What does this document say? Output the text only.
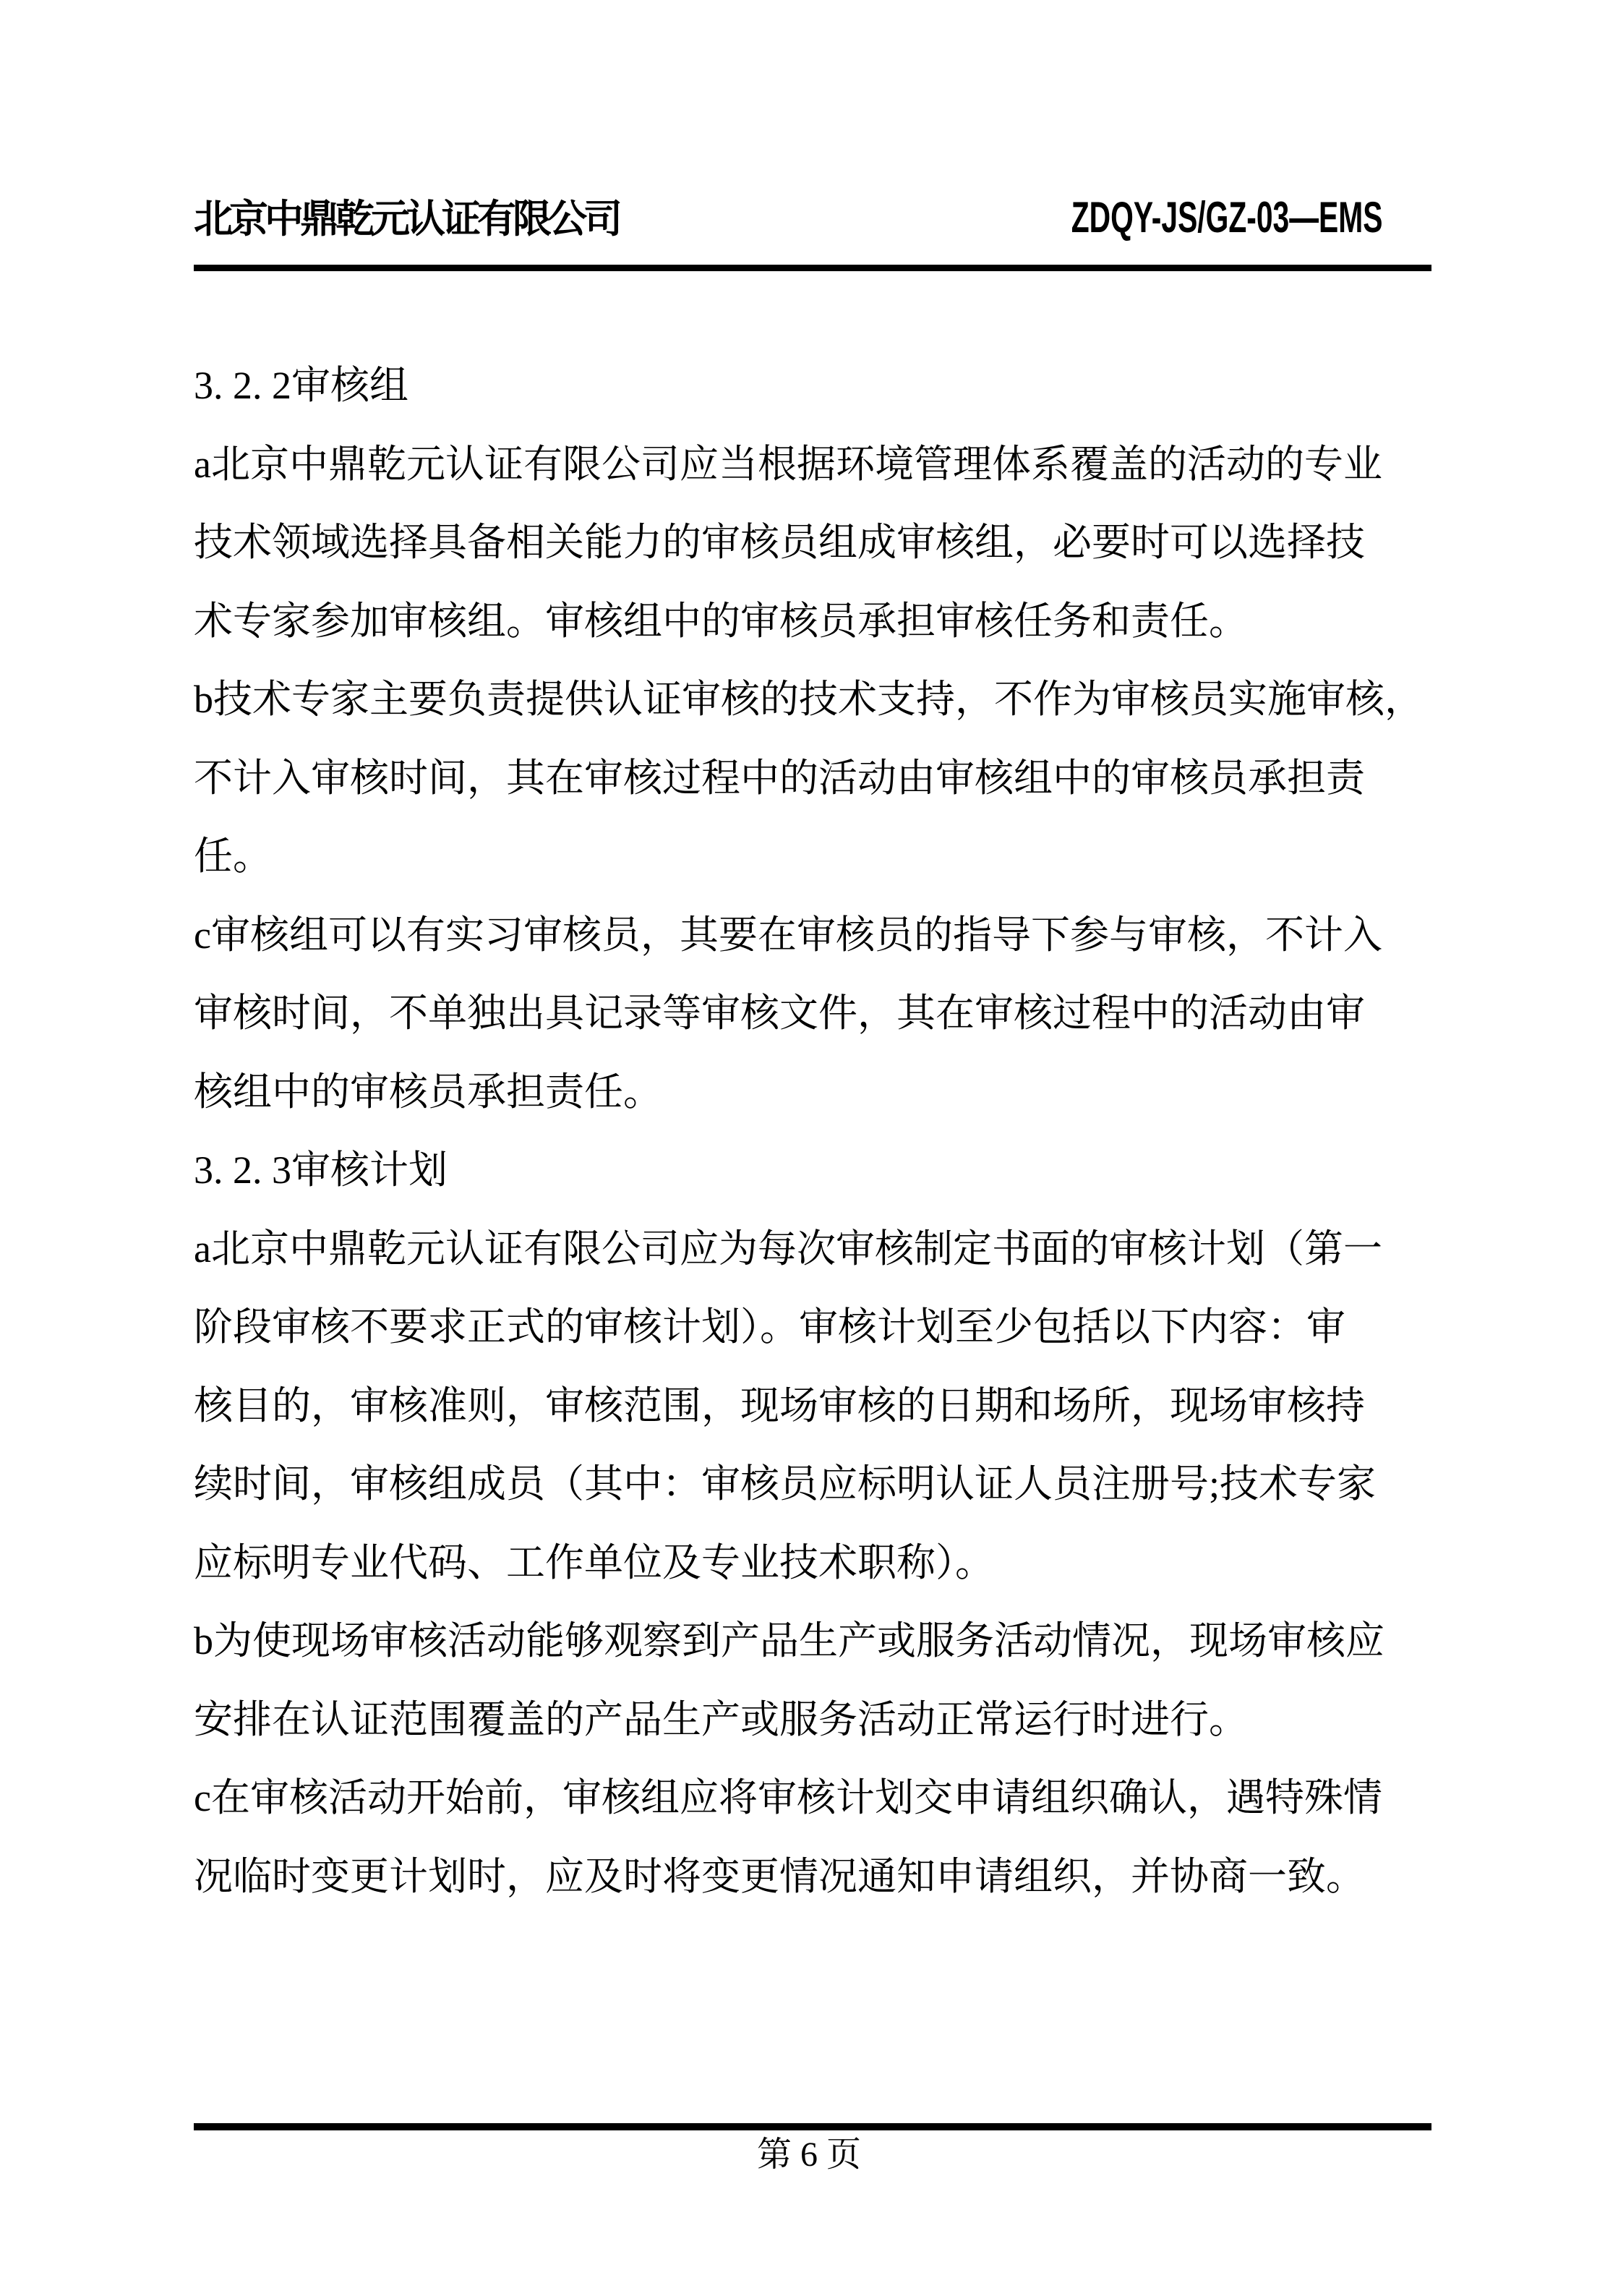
北京中鼎乾元认证有限公司	ZDQY-JS/GZ-03—EMS
3. 2. 2审核组
a北京中鼎乾元认证有限公司应当根据环境管理体系覆盖的活动的专业
技术领域选择具备相关能力的审核员组成审核组，必要时可以选择技
术专家参加审核组。审核组中的审核员承担审核任务和责任。
b技术专家主要负责提供认证审核的技术支持，不作为审核员实施审核，
不计入审核时间，其在审核过程中的活动由审核组中的审核员承担责
任。
c审核组可以有实习审核员，其要在审核员的指导下参与审核，不计入
审核时间，不单独出具记录等审核文件，其在审核过程中的活动由审
核组中的审核员承担责任。
3. 2. 3审核计划
a北京中鼎乾元认证有限公司应为每次审核制定书面的审核计划（第一
阶段审核不要求正式的审核计划）。审核计划至少包括以下内容：审
核目的，审核准则，审核范围，现场审核的日期和场所，现场审核持
续时间，审核组成员（其中：审核员应标明认证人员注册号;技术专家
应标明专业代码、工作单位及专业技术职称）。
b为使现场审核活动能够观察到产品生产或服务活动情况，现场审核应
安排在认证范围覆盖的产品生产或服务活动正常运行时进行。
c在审核活动开始前，审核组应将审核计划交申请组织确认，遇特殊情
况临时变更计划时，应及时将变更情况通知申请组织，并协商一致。
第 6 页
